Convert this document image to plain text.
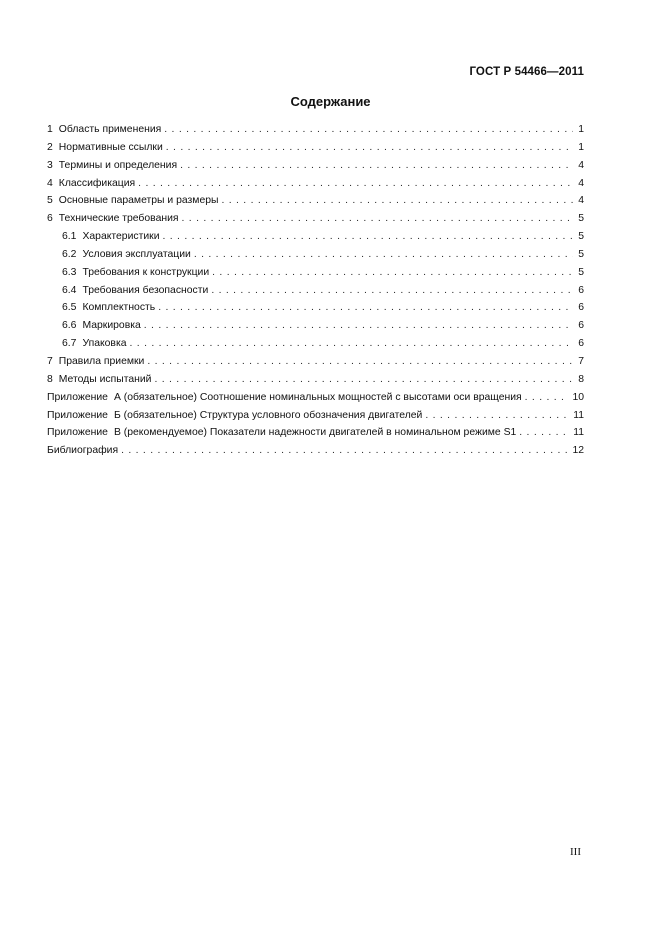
ГОСТ Р 54466—2011
Содержание
1 Область применения . . .	1
2 Нормативные ссылки . . .	1
3 Термины и определения . . .	4
4 Классификация . . .	4
5 Основные параметры и размеры . . .	4
6 Технические требования . . .	5
6.1 Характеристики . . .	5
6.2 Условия эксплуатации . . .	5
6.3 Требования к конструкции . . .	5
6.4 Требования безопасности . . .	6
6.5 Комплектность . . .	6
6.6 Маркировка . . .	6
6.7 Упаковка . . .	6
7 Правила приемки . . .	7
8 Методы испытаний . . .	8
Приложение А (обязательное) Соотношение номинальных мощностей с высотами оси вращения . . .	10
Приложение Б (обязательное) Структура условного обозначения двигателей . . .	11
Приложение В (рекомендуемое) Показатели надежности двигателей в номинальном режиме S1 . . .	11
Библиография . . .	12
III
